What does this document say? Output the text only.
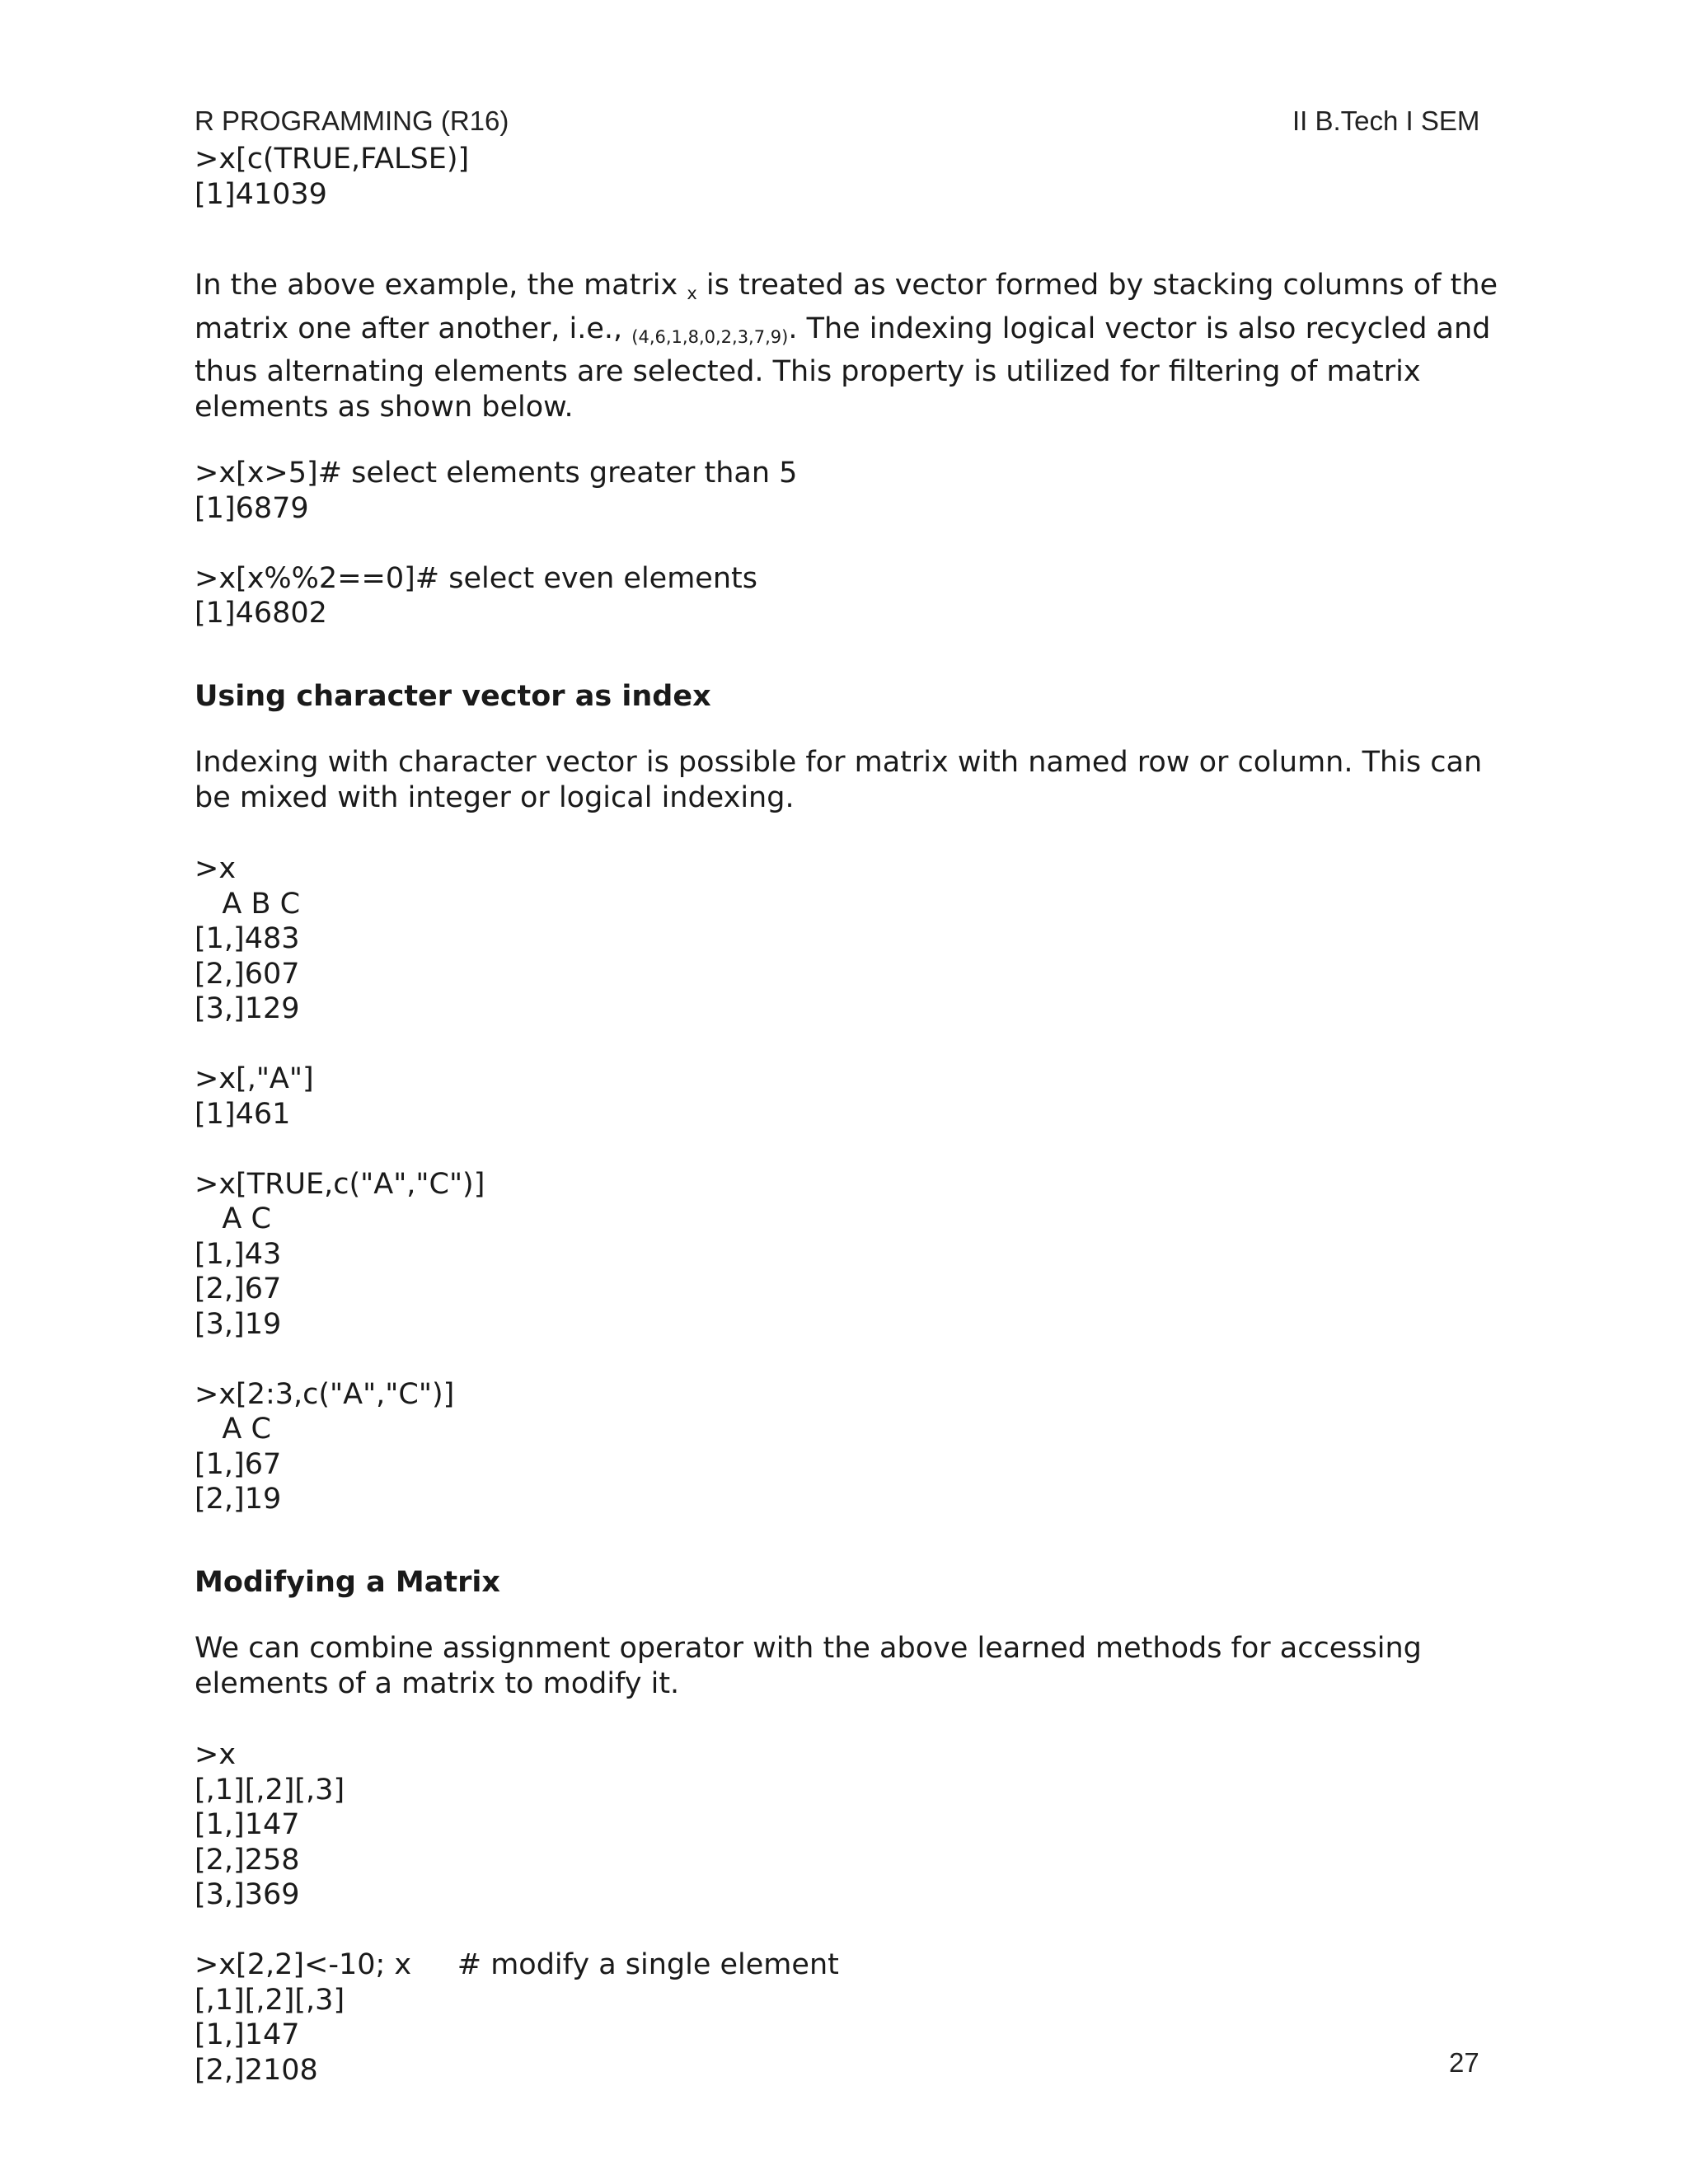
R PROGRAMMING (R16)	II B.Tech I SEM
>x[c(TRUE,FALSE)]
[1]41039

In the above example, the matrix $_x$ is treated as vector formed by stacking columns of the matrix one after another, i.e., $_{(4,6,1,8,0,2,3,7,9)}$. The indexing logical vector is also recycled and thus alternating elements are selected. This property is utilized for filtering of matrix elements as shown below.

>x[x>5]# select elements greater than 5
[1]6879
>x[x%%2==0]# select even elements
[1]46802
Using character vector as index

Indexing with character vector is possible for matrix with named row or column. This can be mixed with integer or logical indexing.

>x
A B C
[1,]483
[2,]607
[3,]129
>x[,"A"]
[1]461
>x[TRUE,c("A","C")]
A C
[1,]43
[2,]67
[3,]19
>x[2:3,c("A","C")]
A C
[1,]67
[2,]19
Modifying a Matrix

We can combine assignment operator with the above learned methods for accessing elements of a matrix to modify it.

>x
[,1][,2][,3]
[1,]147
[2,]258
[3,]369
>x[2,2]<-10; x     # modify a single element
[,1][,2][,3]
[1,]147
[2,]2108	27
